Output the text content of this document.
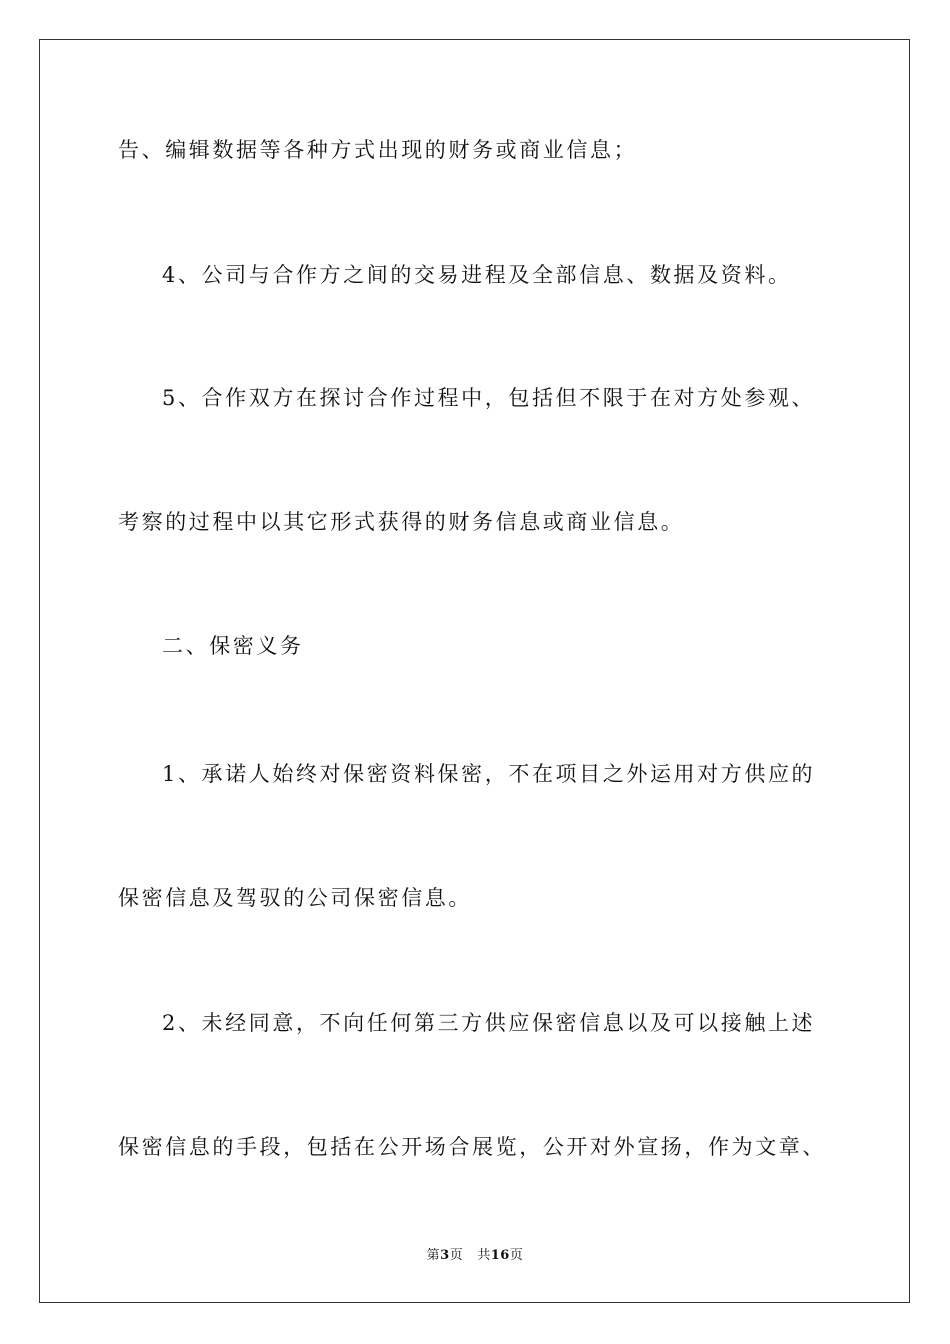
告、编辑数据等各种方式出现的财务或商业信息；
4、公司与合作方之间的交易进程及全部信息、数据及资料。
5、合作双方在探讨合作过程中，包括但不限于在对方处参观、
考察的过程中以其它形式获得的财务信息或商业信息。
二、保密义务
1、承诺人始终对保密资料保密，不在项目之外运用对方供应的
保密信息及驾驭的公司保密信息。
2、未经同意，不向任何第三方供应保密信息以及可以接触上述
保密信息的手段，包括在公开场合展览，公开对外宣扬，作为文章、
第3页 共16页
